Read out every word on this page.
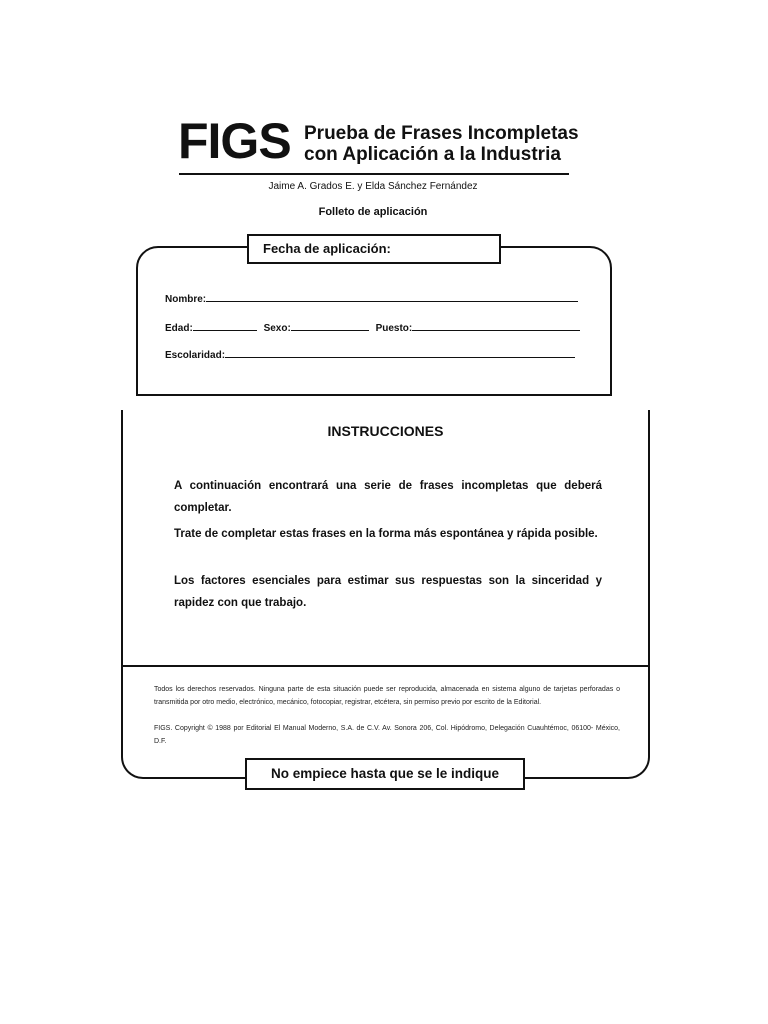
FIGS Prueba de Frases Incompletas
con Aplicación a la Industria
Jaime A. Grados E. y Elda Sánchez Fernández
Folleto de aplicación
Fecha de aplicación:
Nombre:
Edad:	Sexo:	Puesto:
Escolaridad:
INSTRUCCIONES
A continuación encontrará una serie de frases incompletas que deberá completar.
Trate de completar estas frases en la forma más espontánea y rápida posible.
Los factores esenciales para estimar sus respuestas son la sinceridad y rapidez con que trabajo.
Todos los derechos reservados. Ninguna parte de esta situación puede ser reproducida, almacenada en sistema alguno de tarjetas perforadas o transmitida por otro medio, electrónico, mecánico, fotocopiar, registrar, etcétera, sin permiso previo por escrito de la Editorial.
FIGS. Copyright © 1988 por Editorial El Manual Moderno, S.A. de C.V. Av. Sonora 206, Col. Hipódromo, Delegación Cuauhtémoc, 06100- México, D.F.
No empiece hasta que se le indique
